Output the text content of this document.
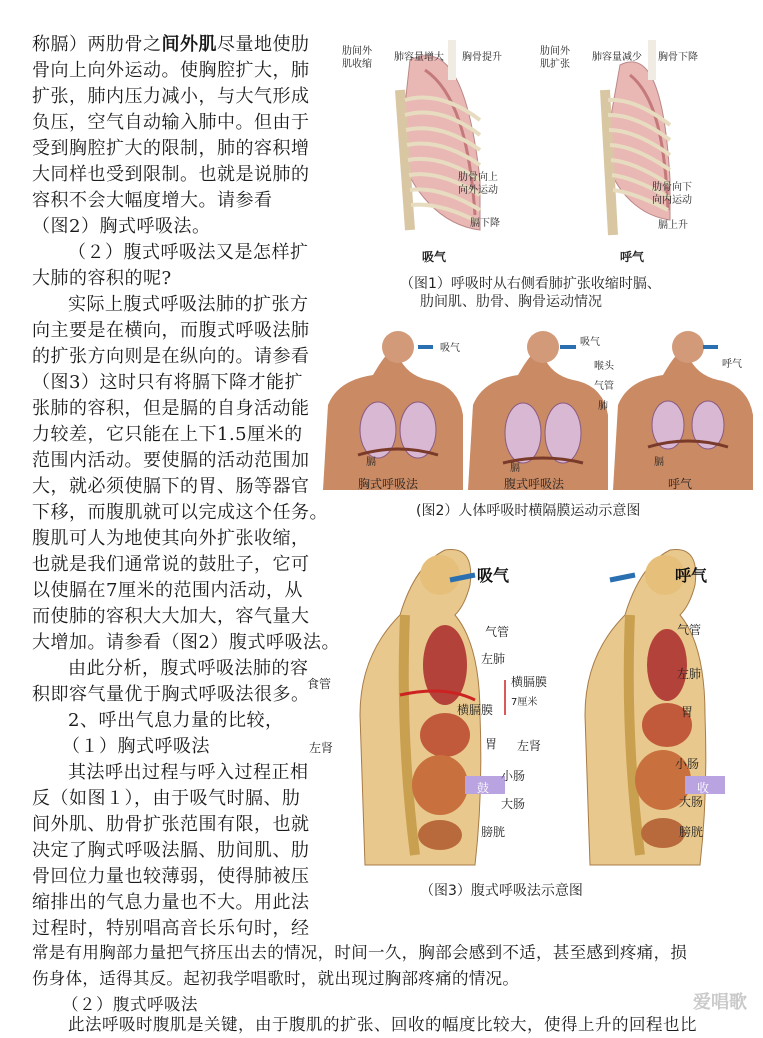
称膈）两肋骨之间外肌尽量地使肋
骨向上向外运动。使胸腔扩大，肺
扩张，肺内压力减小，与大气形成
负压，空气自动输入肺中。但由于
受到胸腔扩大的限制，肺的容积增
大同样也受到限制。也就是说肺的
容积不会大幅度增大。请参看
（图2）胸式呼吸法。
（２）腹式呼吸法又是怎样扩
大肺的容积的呢?
实际上腹式呼吸法肺的扩张方
向主要是在横向，而腹式呼吸法肺
的扩张方向则是在纵向的。请参看
（图3）这时只有将膈下降才能扩
张肺的容积，但是膈的自身活动能
力较差，它只能在上下1.5厘米的
范围内活动。要使膈的活动范围加
大，就必须使膈下的胃、肠等器官
下移，而腹肌就可以完成这个任务。
腹肌可人为地使其向外扩张收缩，
也就是我们通常说的鼓肚子，它可
以使膈在7厘米的范围内活动，从
而使肺的容积大大加大，容气量大
大增加。请参看（图2）腹式呼吸法。
由此分析，腹式呼吸法肺的容
积即容气量优于胸式呼吸法很多。
2、呼出气息力量的比较，
（１）胸式呼吸法
其法呼出过程与呼入过程正相
反（如图１），由于吸气时膈、肋
间外肌、肋骨扩张范围有限，也就
决定了胸式呼吸法膈、肋间肌、肋
骨回位力量也较薄弱，使得肺被压
缩排出的气息力量也不大。用此法
过程时，特别唱高音长乐句时，经
常是有用胸部力量把气挤压出去的情况，时间一久，胸部会感到不适，甚至感到疼痛，损
伤身体，适得其反。起初我学唱歌时，就出现过胸部疼痛的情况。
（２）腹式呼吸法
此法呼吸时腹肌是关键，由于腹肌的扩张、回收的幅度比较大，使得上升的回程也比
肋间外
肌收缩
肺容量增大 胸骨提升
肋骨向上
向外运动
膈下降
肋间外
肌扩张
肺容量减少 胸骨下降
肋骨向下
向内运动
膈上升
吸气	呼气
（图1）呼吸时从右侧看肺扩张收缩时膈、
肋间肌、肋骨、胸骨运动情况
吸气
吸气
喉头
气管
肺
呼气
膈
膈
膈
胸式呼吸法	腹式呼吸法	呼气
(图2）人体呼吸时横隔膜运动示意图
吸气	呼气
食管
气管
左肺
横膈膜
7厘米
横膈膜
左肾	胃
小肠
大肠
膀胱
鼓
气管
左肺
胃
左肾
小肠
大肠
膀胱
收
（图3）腹式呼吸法示意图
爱唱歌
